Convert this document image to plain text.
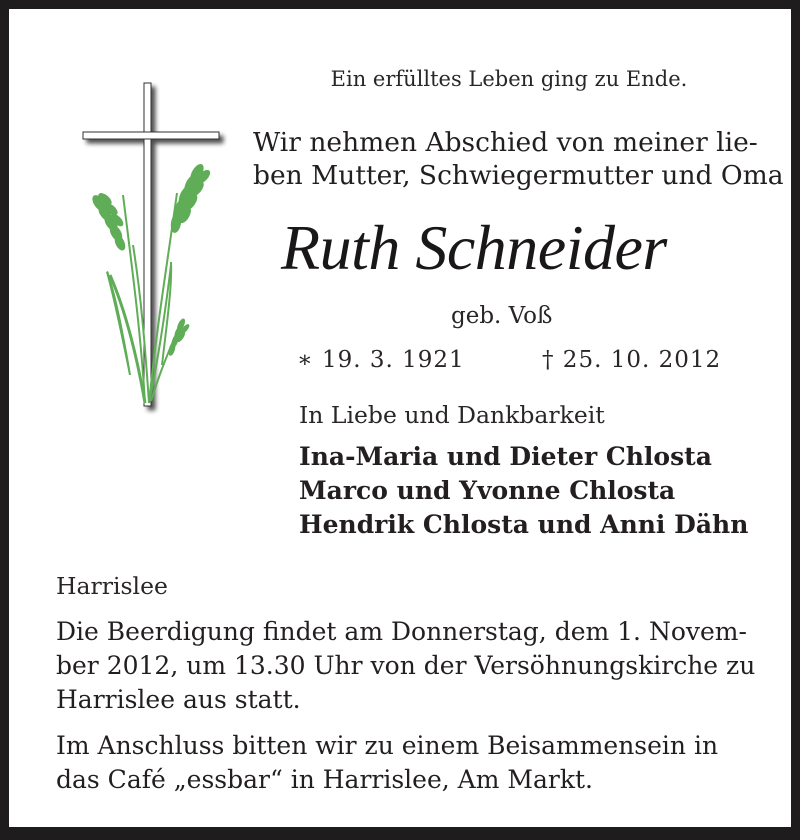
Ein erfülltes Leben ging zu Ende.
Wir nehmen Abschied von meiner lie-
ben Mutter, Schwiegermutter und Oma
Ruth Schneider
geb. Voß
∗ 19. 3. 1921	† 25. 10. 2012
In Liebe und Dankbarkeit
Ina-Maria und Dieter Chlosta
Marco und Yvonne Chlosta
Hendrik Chlosta und Anni Dähn
Harrislee
Die Beerdigung findet am Donnerstag, dem 1. Novem-
ber 2012, um 13.30 Uhr von der Versöhnungskirche zu
Harrislee aus statt.
Im Anschluss bitten wir zu einem Beisammensein in
das Café „essbar“ in Harrislee, Am Markt.
